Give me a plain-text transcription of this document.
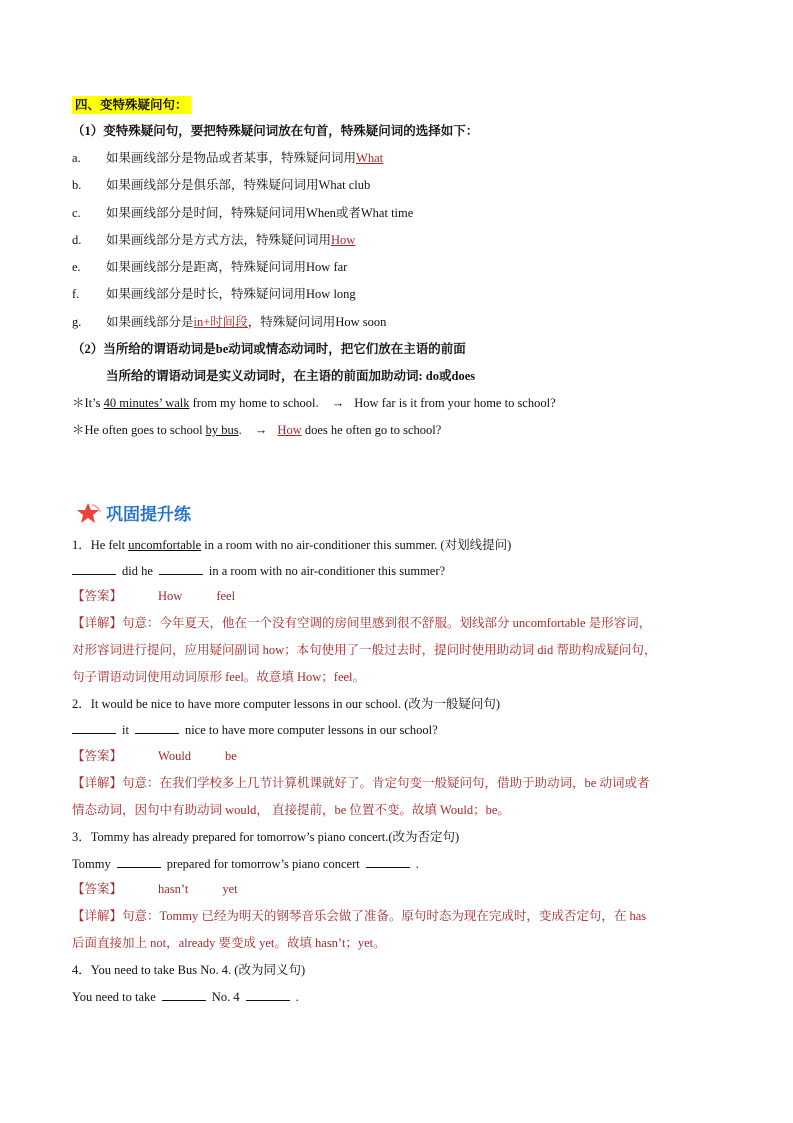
四、变特殊疑问句：
（1）变特殊疑问句，要把特殊疑问词放在句首，特殊疑问词的选择如下：
a. 如果画线部分是物品或者某事，特殊疑问词用What
b. 如果画线部分是俱乐部，特殊疑问词用What club
c. 如果画线部分是时间，特殊疑问词用When或者What time
d. 如果画线部分是方式方法，特殊疑问词用How
e. 如果画线部分是距离，特殊疑问词用How far
f. 如果画线部分是时长，特殊疑问词用How long
g. 如果画线部分是in+时间段，特殊疑问词用How soon
（2）当所给的谓语动词是be动词或情态动词时，把它们放在主语的前面
当所给的谓语动词是实义动词时，在主语的前面加助动词: do或does
＊It’s 40 minutes’ walk from my home to school. → How far is it from your home to school?
＊He often goes to school by bus. → How does he often go to school?
巩固提升练
1．He felt uncomfortable in a room with no air-conditioner this summer. (对划线提问)
did he	in a room with no air-conditioner this summer?
【答案】	How	feel
【详解】句意：今年夏天，他在一个没有空调的房间里感到很不舒服。划线部分 uncomfortable 是形容词，
对形容词进行提问，应用疑问副词 how；本句使用了一般过去时，提问时使用助动词 did 帮助构成疑问句，
句子谓语动词使用动词原形 feel。故意填 How；feel。
2．It would be nice to have more computer lessons in our school. (改为一般疑问句)
it	nice to have more computer lessons in our school?
【答案】	Would	be
【详解】句意：在我们学校多上几节计算机课就好了。肯定句变一般疑问句，借助于助动词，be 动词或者
情态动词，因句中有助动词 would， 直接提前，be 位置不变。故填 Would；be。
3．Tommy has already prepared for tomorrow’s piano concert.(改为否定句)
Tommy	prepared for tomorrow’s piano concert	.
【答案】	hasn’t	yet
【详解】句意：Tommy 已经为明天的钢琴音乐会做了准备。原句时态为现在完成时，变成否定句，在 has
后面直接加上 not，already 要变成 yet。故填 hasn’t；yet。
4．You need to take Bus No. 4. (改为同义句)
You need to take	No. 4	.
